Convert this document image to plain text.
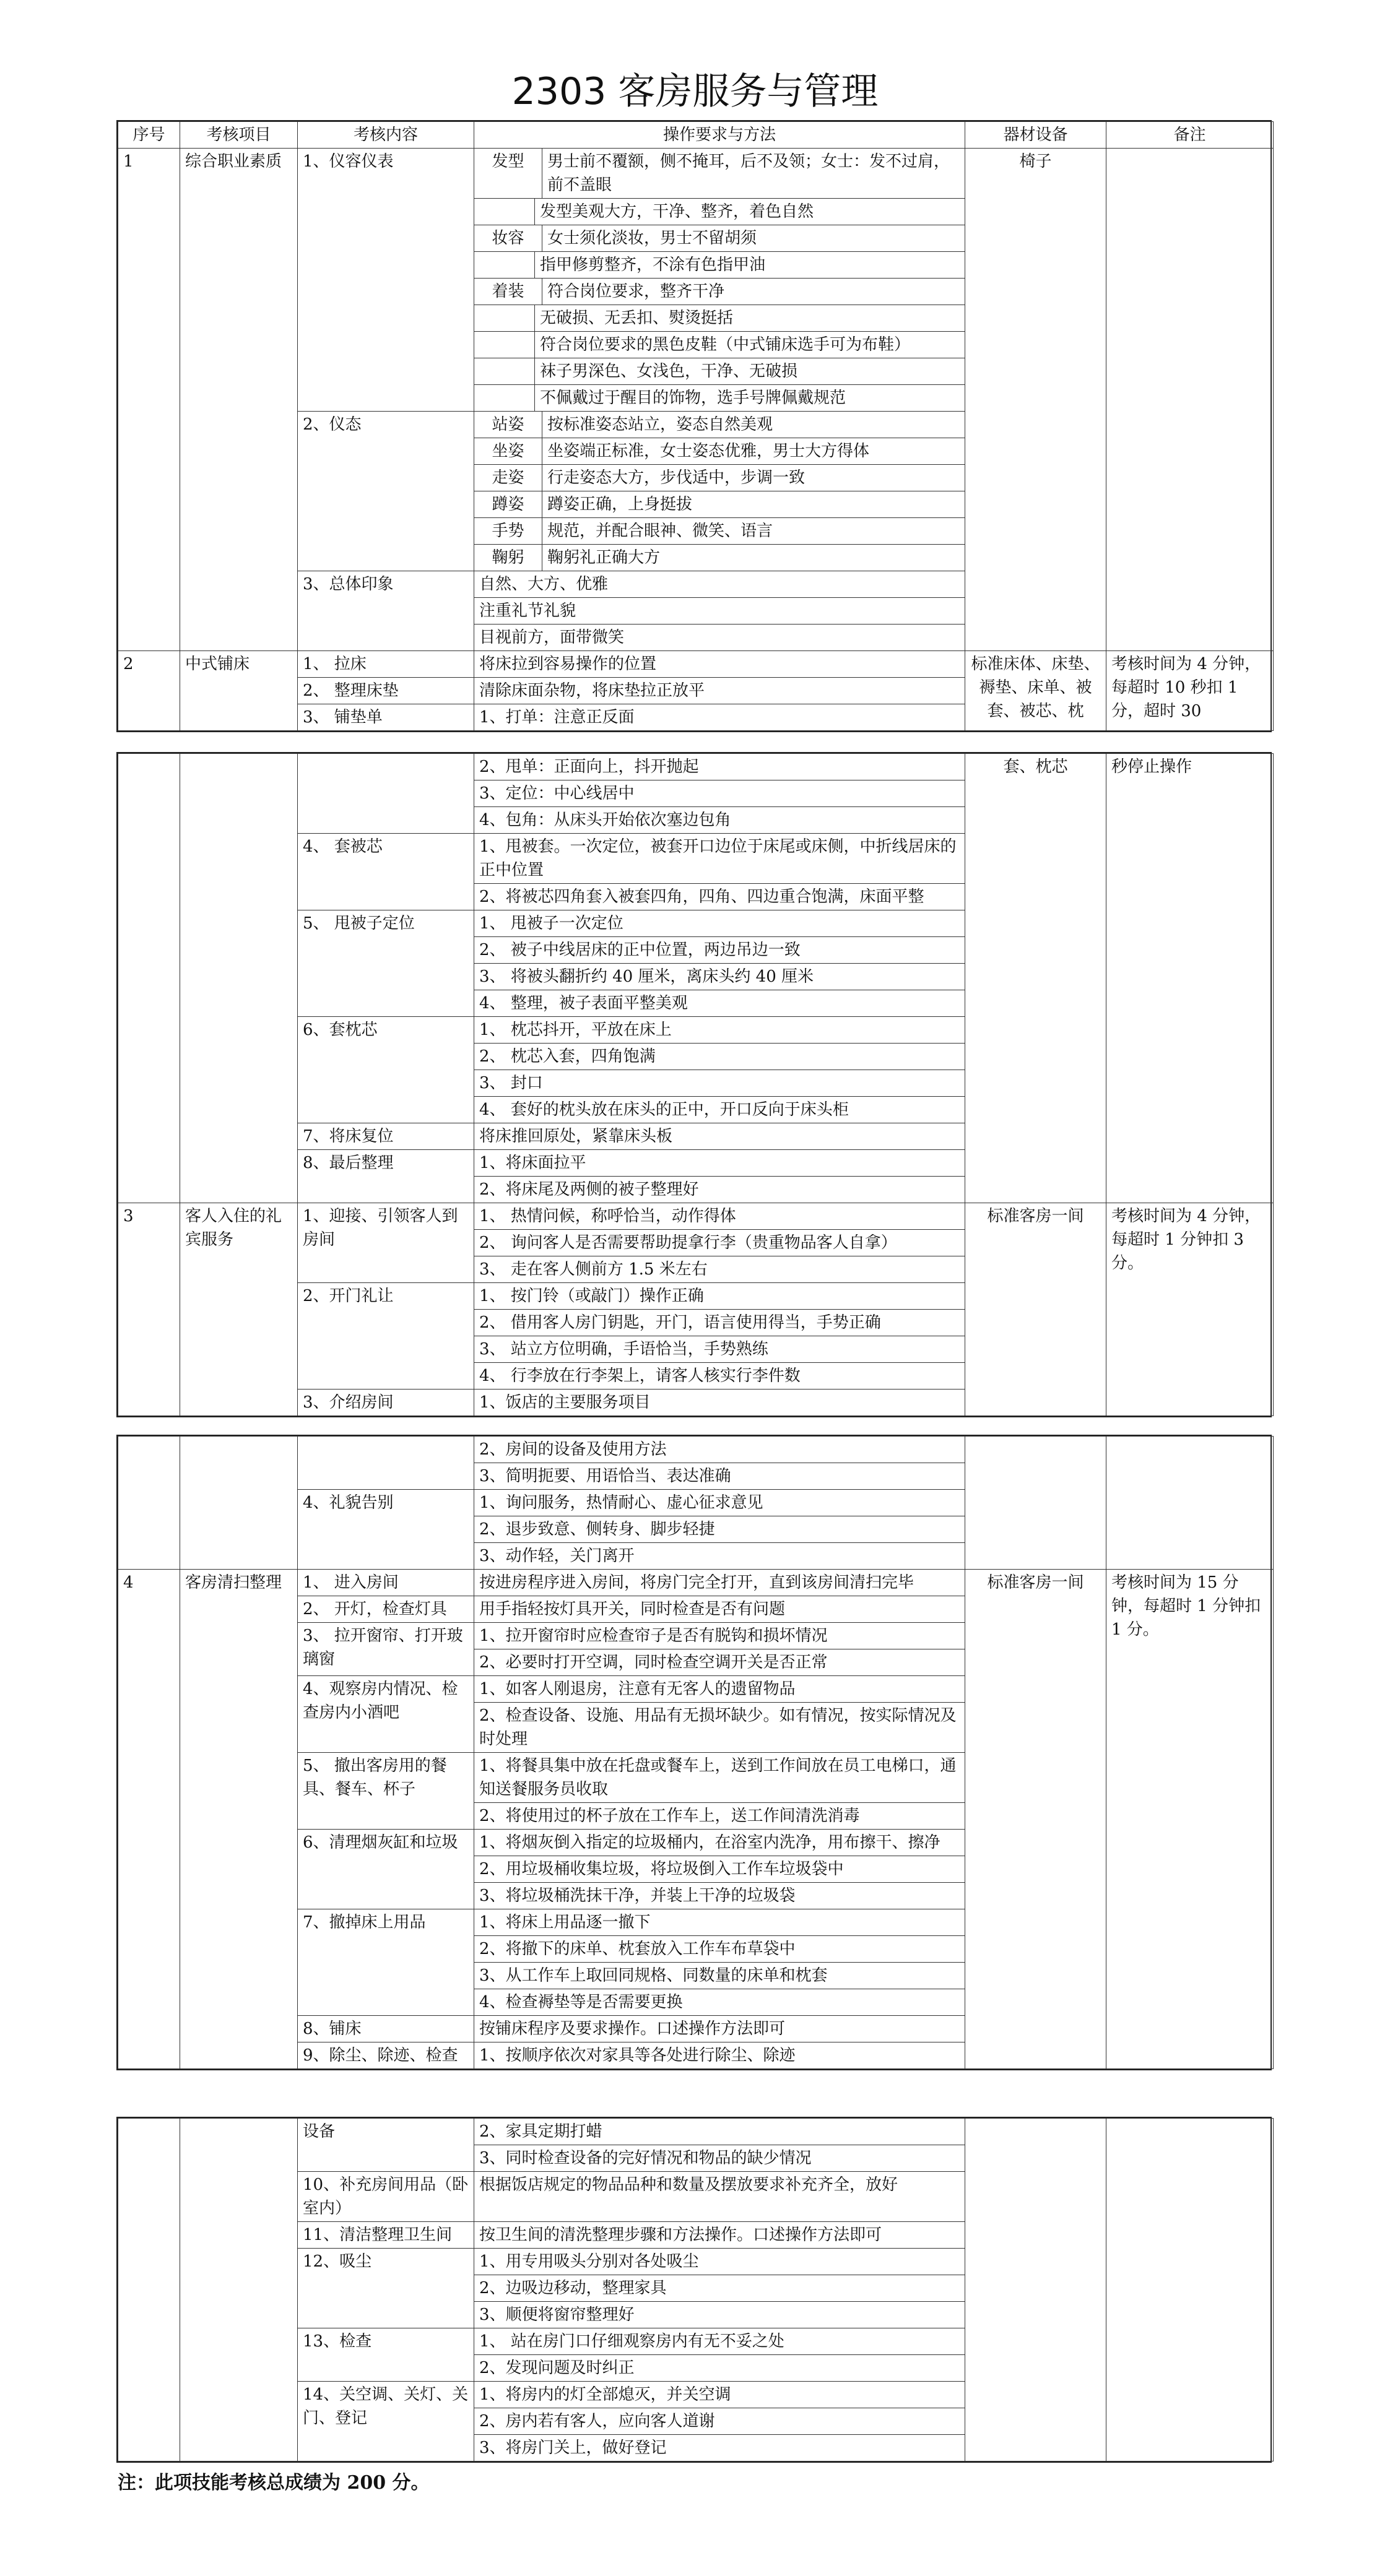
2303 客房服务与管理
序号	考核项目	考核内容	操作要求与方法	器材设备	备注
1	综合职业素质	1、仪容仪表	发型 男士前不覆额，侧不掩耳，后不及领；女士：发不过肩，前不盖眼	椅子	

			发型美观大方，干净、整齐，着色自然		

			妆容 女士须化淡妆，男士不留胡须		

			指甲修剪整齐，不涂有色指甲油		

			着装 符合岗位要求，整齐干净		

			无破损、无丢扣、熨烫挺括		

			符合岗位要求的黑色皮鞋（中式铺床选手可为布鞋）		

			袜子男深色、女浅色，干净、无破损		

			不佩戴过于醒目的饰物，选手号牌佩戴规范		

		2、仪态	站姿 按标准姿态站立，姿态自然美观		

			坐姿 坐姿端正标准，女士姿态优雅，男士大方得体		

			走姿 行走姿态大方，步伐适中，步调一致		

			蹲姿 蹲姿正确，上身挺拔		

			手势 规范，并配合眼神、微笑、语言		

			鞠躬 鞠躬礼正确大方		

		3、总体印象	自然、大方、优雅		
			注重礼节礼貌		
			目视前方，面带微笑		
2	中式铺床	1、 拉床	将床拉到容易操作的位置	标准床体、床垫、褥垫、床单、被套、被芯、枕	考核时间为 4 分钟，每超时 10 秒扣 1 分，超时 30
		2、 整理床垫	清除床面杂物，将床垫拉正放平		
		3、 铺垫单	1、打单：注意正反面		
			2、甩单：正面向上，抖开抛起	套、枕芯	秒停止操作
			3、定位：中心线居中		
			4、包角：从床头开始依次塞边包角		
		4、 套被芯	1、甩被套。一次定位，被套开口边位于床尾或床侧，中折线居床的正中位置		
			2、将被芯四角套入被套四角，四角、四边重合饱满，床面平整		
		5、 甩被子定位	1、 甩被子一次定位		
			2、 被子中线居床的正中位置，两边吊边一致		
			3、 将被头翻折约 40 厘米，离床头约 40 厘米		
			4、 整理，被子表面平整美观		
		6、套枕芯	1、 枕芯抖开，平放在床上		
			2、 枕芯入套，四角饱满		
			3、 封口		
			4、 套好的枕头放在床头的正中，开口反向于床头柜		
		7、将床复位	将床推回原处，紧靠床头板		
		8、最后整理	1、将床面拉平		
			2、将床尾及两侧的被子整理好		
3	客人入住的礼宾服务	1、迎接、引领客人到房间	1、 热情问候，称呼恰当，动作得体	标准客房一间	考核时间为 4 分钟，每超时 1 分钟扣 3 分。
			2、 询问客人是否需要帮助提拿行李（贵重物品客人自拿）		
			3、 走在客人侧前方 1.5 米左右		
		2、开门礼让	1、 按门铃（或敲门）操作正确		
			2、 借用客人房门钥匙，开门，语言使用得当，手势正确		
			3、 站立方位明确，手语恰当，手势熟练		
			4、 行李放在行李架上，请客人核实行李件数		
		3、介绍房间	1、饭店的主要服务项目		
			2、房间的设备及使用方法		
			3、简明扼要、用语恰当、表达准确		
		4、礼貌告别	1、询问服务，热情耐心、虚心征求意见		
			2、退步致意、侧转身、脚步轻捷		
			3、动作轻，关门离开		
4	客房清扫整理	1、 进入房间	按进房程序进入房间，将房门完全打开，直到该房间清扫完毕	标准客房一间	考核时间为 15 分钟，每超时 1 分钟扣 1 分。
		2、 开灯，检查灯具	用手指轻按灯具开关，同时检查是否有问题		
		3、 拉开窗帘、打开玻璃窗	1、拉开窗帘时应检查帘子是否有脱钩和损坏情况		
			2、必要时打开空调，同时检查空调开关是否正常		
		4、观察房内情况、检查房内小酒吧	1、如客人刚退房，注意有无客人的遗留物品		
			2、检查设备、设施、用品有无损坏缺少。如有情况，按实际情况及时处理		
		5、 撤出客房用的餐具、餐车、杯子	1、将餐具集中放在托盘或餐车上，送到工作间放在员工电梯口，通知送餐服务员收取		
			2、将使用过的杯子放在工作车上，送工作间清洗消毒		
		6、清理烟灰缸和垃圾	1、将烟灰倒入指定的垃圾桶内，在浴室内洗净，用布擦干、擦净		
			2、用垃圾桶收集垃圾，将垃圾倒入工作车垃圾袋中		
			3、将垃圾桶洗抹干净，并装上干净的垃圾袋		
		7、撤掉床上用品	1、将床上用品逐一撤下		
			2、将撤下的床单、枕套放入工作车布草袋中		
			3、从工作车上取回同规格、同数量的床单和枕套		
			4、检查褥垫等是否需要更换		
		8、铺床	按铺床程序及要求操作。口述操作方法即可		
		9、除尘、除迹、检查	1、按顺序依次对家具等各处进行除尘、除迹		
		设备	2、家具定期打蜡		
			3、同时检查设备的完好情况和物品的缺少情况		
		10、补充房间用品（卧室内）	根据饭店规定的物品品种和数量及摆放要求补充齐全，放好		
		11、清洁整理卫生间	按卫生间的清洗整理步骤和方法操作。口述操作方法即可		
		12、吸尘	1、用专用吸头分别对各处吸尘		
			2、边吸边移动，整理家具		
			3、顺便将窗帘整理好		
		13、检查	1、 站在房门口仔细观察房内有无不妥之处		
			2、发现问题及时纠正		
		14、关空调、关灯、关门、登记	1、将房内的灯全部熄灭，并关空调		
			2、房内若有客人，应向客人道谢		
			3、将房门关上，做好登记		
注：此项技能考核总成绩为 200 分。
